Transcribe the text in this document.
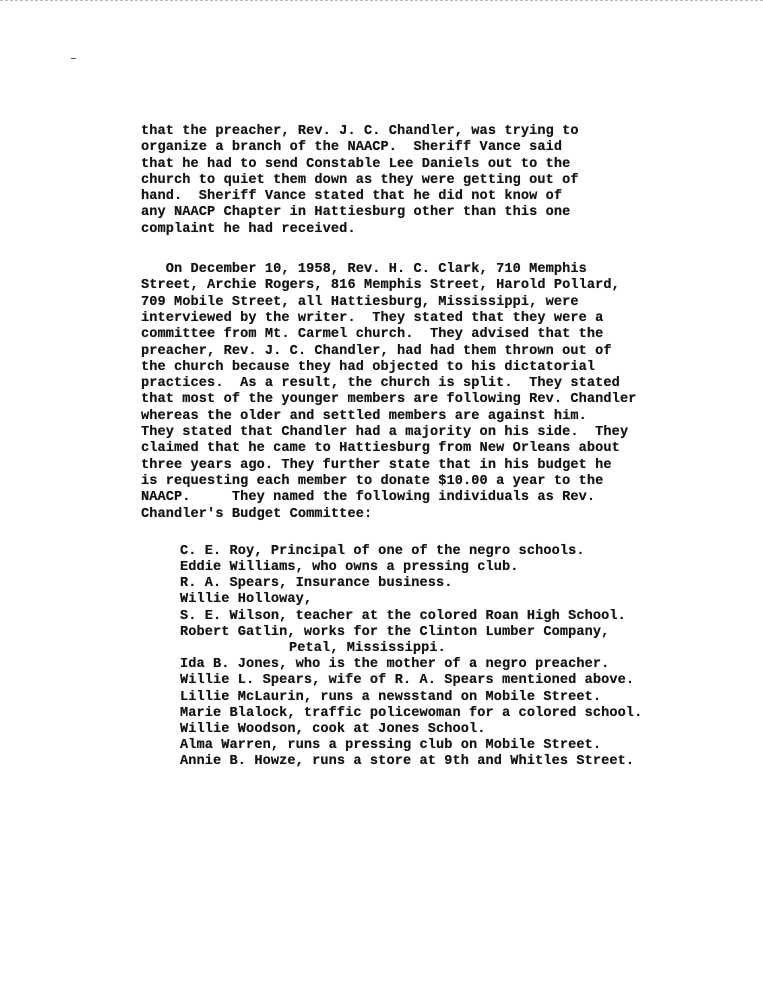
that the preacher, Rev. J. C. Chandler, was trying to
organize a branch of the NAACP.  Sheriff Vance said
that he had to send Constable Lee Daniels out to the
church to quiet them down as they were getting out of
hand.  Sheriff Vance stated that he did not know of
any NAACP Chapter in Hattiesburg other than this one
complaint he had received.
On December 10, 1958, Rev. H. C. Clark, 710 Memphis
Street, Archie Rogers, 816 Memphis Street, Harold Pollard,
709 Mobile Street, all Hattiesburg, Mississippi, were
interviewed by the writer.  They stated that they were a
committee from Mt. Carmel church.  They advised that the
preacher, Rev. J. C. Chandler, had had them thrown out of
the church because they had objected to his dictatorial
practices.  As a result, the church is split.  They stated
that most of the younger members are following Rev. Chandler
whereas the older and settled members are against him.
They stated that Chandler had a majority on his side.  They
claimed that he came to Hattiesburg from New Orleans about
three years ago. They further state that in his budget he
is requesting each member to donate $10.00 a year to the
NAACP.     They named the following individuals as Rev.
Chandler's Budget Committee:
C. E. Roy, Principal of one of the negro schools.
Eddie Williams, who owns a pressing club.
R. A. Spears, Insurance business.
Willie Holloway,
S. E. Wilson, teacher at the colored Roan High School.
Robert Gatlin, works for the Clinton Lumber Company,
Petal, Mississippi.
Ida B. Jones, who is the mother of a negro preacher.
Willie L. Spears, wife of R. A. Spears mentioned above.
Lillie McLaurin, runs a newsstand on Mobile Street.
Marie Blalock, traffic policewoman for a colored school.
Willie Woodson, cook at Jones School.
Alma Warren, runs a pressing club on Mobile Street.
Annie B. Howze, runs a store at 9th and Whitles Street.
